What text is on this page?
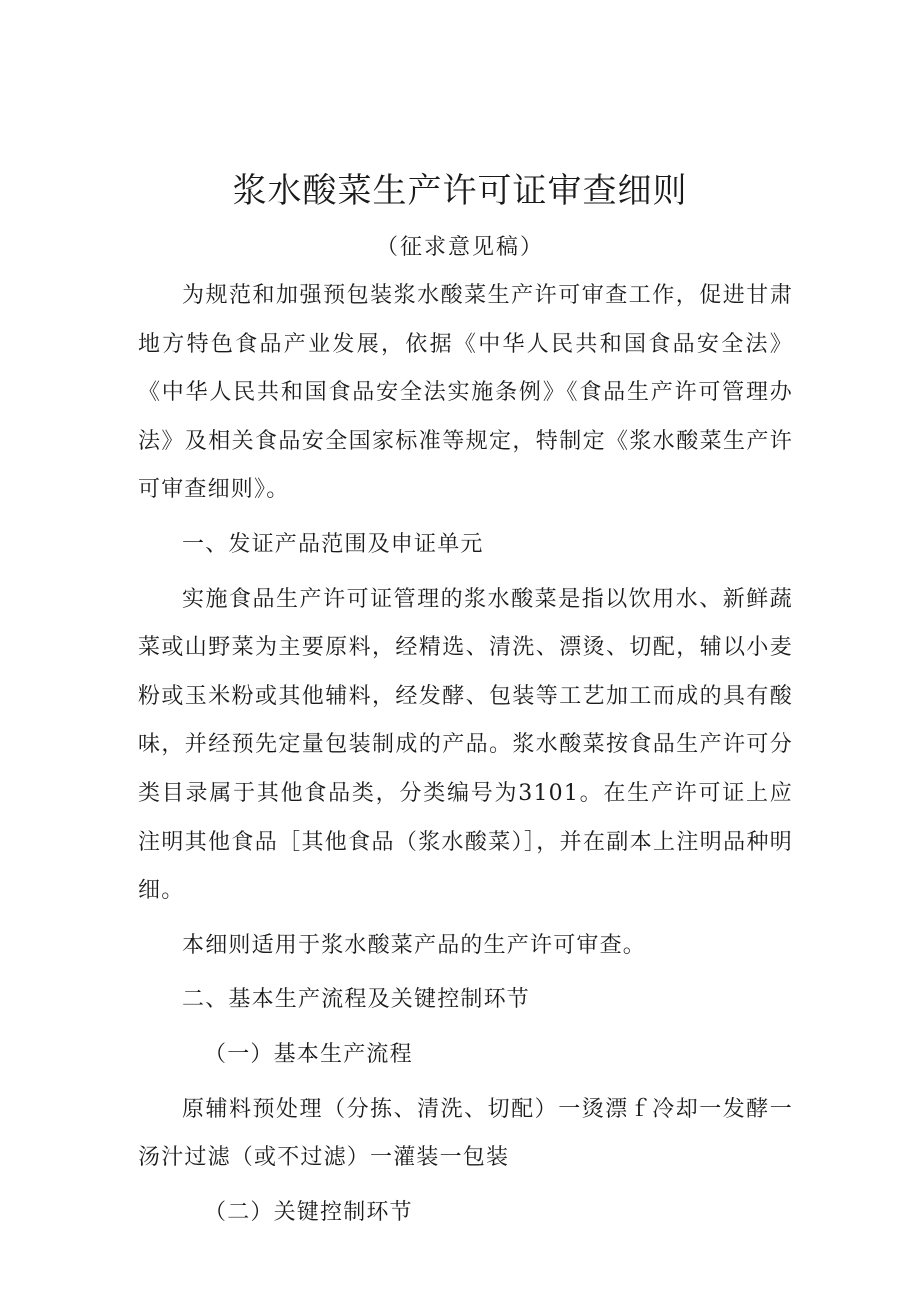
浆水酸菜生产许可证审查细则
（征求意见稿）

为规范和加强预包装浆水酸菜生产许可审查工作，促进甘肃地方特色食品产业发展，依据《中华人民共和国食品安全法》《中华人民共和国食品安全法实施条例》《食品生产许可管理办法》及相关食品安全国家标准等规定，特制定《浆水酸菜生产许可审查细则》。

一、发证产品范围及申证单元

实施食品生产许可证管理的浆水酸菜是指以饮用水、新鲜蔬菜或山野菜为主要原料，经精选、清洗、漂烫、切配，辅以小麦粉或玉米粉或其他辅料，经发酵、包装等工艺加工而成的具有酸味，并经预先定量包装制成的产品。浆水酸菜按食品生产许可分类目录属于其他食品类，分类编号为3101。在生产许可证上应注明其他食品［其他食品（浆水酸菜）］，并在副本上注明品种明细。

本细则适用于浆水酸菜产品的生产许可审查。

二、基本生产流程及关键控制环节

（一）基本生产流程

原辅料预处理（分拣、清洗、切配）一烫漂ｆ冷却一发酵一汤汁过滤（或不过滤）一灌装一包装

（二）关键控制环节
